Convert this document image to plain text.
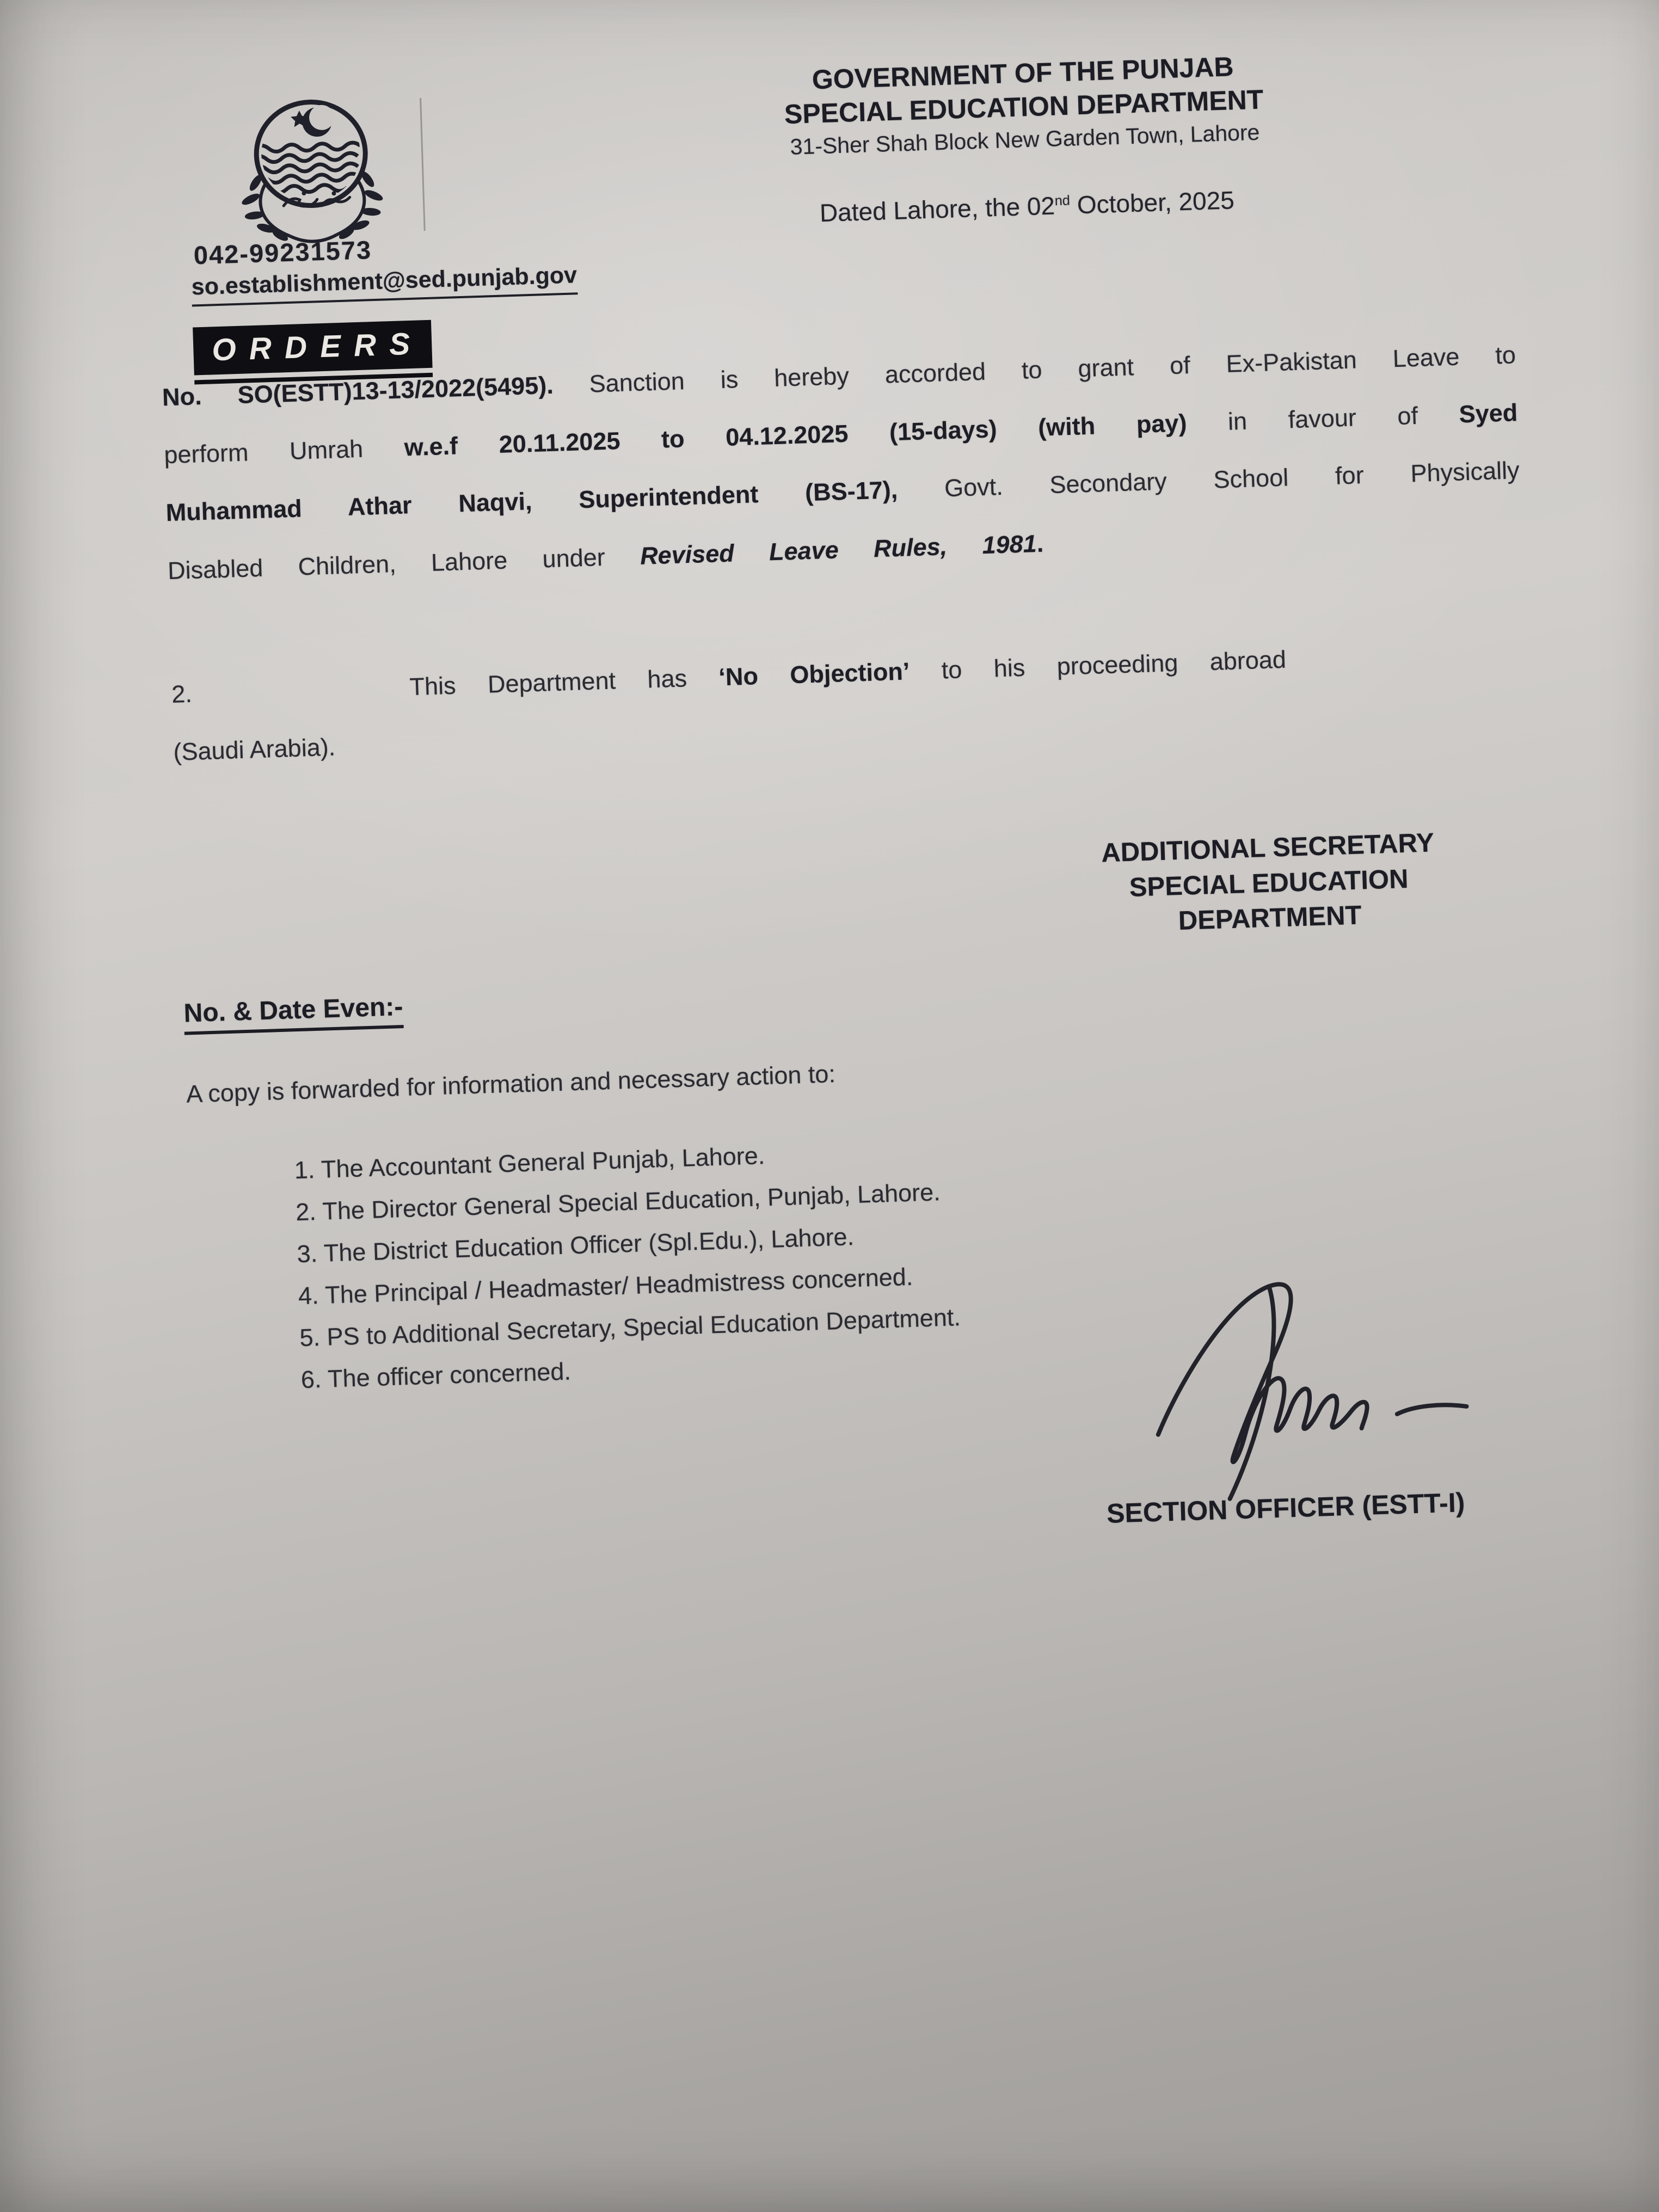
042-99231573
so.establishment@sed.punjab.gov
GOVERNMENT OF THE PUNJAB
SPECIAL EDUCATION DEPARTMENT
31-Sher Shah Block New Garden Town, Lahore
Dated Lahore, the 02nd October, 2025
ORDERS

No. SO(ESTT)13-13/2022(5495). Sanction is hereby accorded to grant of Ex-Pakistan Leave to perform Umrah w.e.f 20.11.2025 to 04.12.2025 (15-days) (with pay) in favour of Syed Muhammad Athar Naqvi, Superintendent (BS-17), Govt. Secondary School for Physically Disabled Children, Lahore under Revised Leave Rules, 1981.

2.	This Department has ‘No Objection’ to his proceeding abroad

(Saudi Arabia).

ADDITIONAL SECRETARY
SPECIAL EDUCATION
DEPARTMENT
No. & Date Even:-
A copy is forwarded for information and necessary action to:
1. The Accountant General Punjab, Lahore.
2. The Director General Special Education, Punjab, Lahore.
3. The District Education Officer (Spl.Edu.), Lahore.
4. The Principal / Headmaster/ Headmistress concerned.
5. PS to Additional Secretary, Special Education Department.
6. The officer concerned.
SECTION OFFICER (ESTT-I)
